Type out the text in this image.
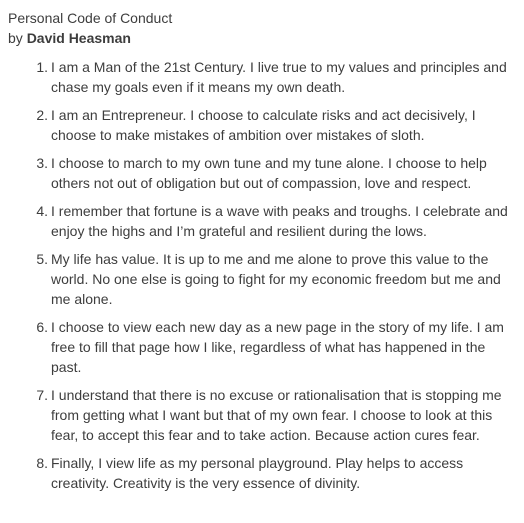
Personal Code of Conduct
by David Heasman
1. I am a Man of the 21st Century. I live true to my values and principles and chase my goals even if it means my own death.
2. I am an Entrepreneur. I choose to calculate risks and act decisively, I choose to make mistakes of ambition over mistakes of sloth.
3. I choose to march to my own tune and my tune alone. I choose to help others not out of obligation but out of compassion, love and respect.
4. I remember that fortune is a wave with peaks and troughs. I celebrate and enjoy the highs and I’m grateful and resilient during the lows.
5. My life has value. It is up to me and me alone to prove this value to the world. No one else is going to fight for my economic freedom but me and me alone.
6. I choose to view each new day as a new page in the story of my life. I am free to fill that page how I like, regardless of what has happened in the past.
7. I understand that there is no excuse or rationalisation that is stopping me from getting what I want but that of my own fear. I choose to look at this fear, to accept this fear and to take action. Because action cures fear.
8. Finally, I view life as my personal playground. Play helps to access creativity. Creativity is the very essence of divinity.
